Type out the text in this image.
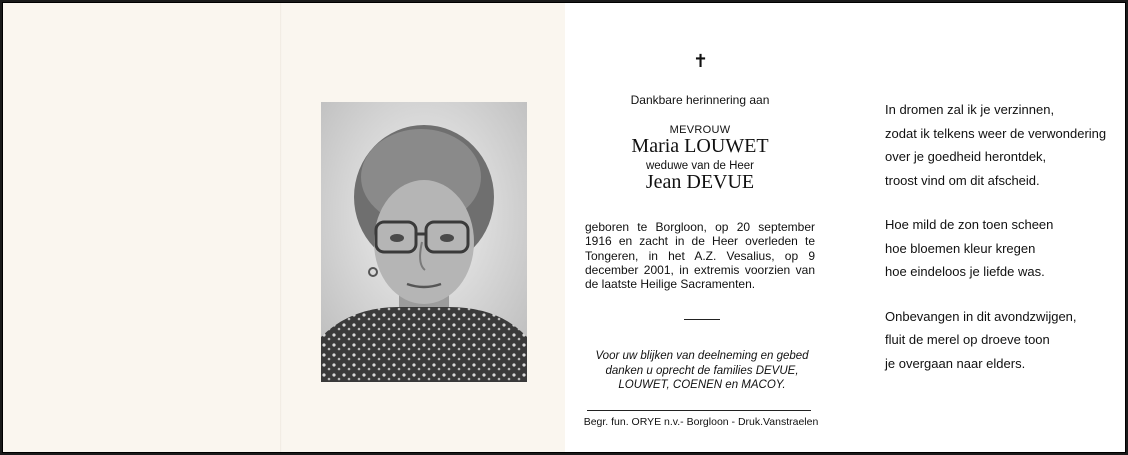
✝
Dankbare herinnering aan
MEVROUW
Maria LOUWET
weduwe van de Heer
Jean DEVUE

geboren te Borgloon, op 20 september 1916 en zacht in de Heer overleden te Tongeren, in het A.Z. Vesalius, op 9 december 2001, in extremis voorzien van de laatste Heilige Sacramenten.

Voor uw blijken van deelneming en gebed
danken u oprecht de families DEVUE,
LOUWET, COENEN en MACOY.

Begr. fun. ORYE n.v.- Borgloon - Druk.Vanstraelen
In dromen zal ik je verzinnen,
zodat ik telkens weer de verwondering
over je goedheid herontdek,
troost vind om dit afscheid.
Hoe mild de zon toen scheen
hoe bloemen kleur kregen
hoe eindeloos je liefde was.
Onbevangen in dit avondzwijgen,
fluit de merel op droeve toon
je overgaan naar elders.
